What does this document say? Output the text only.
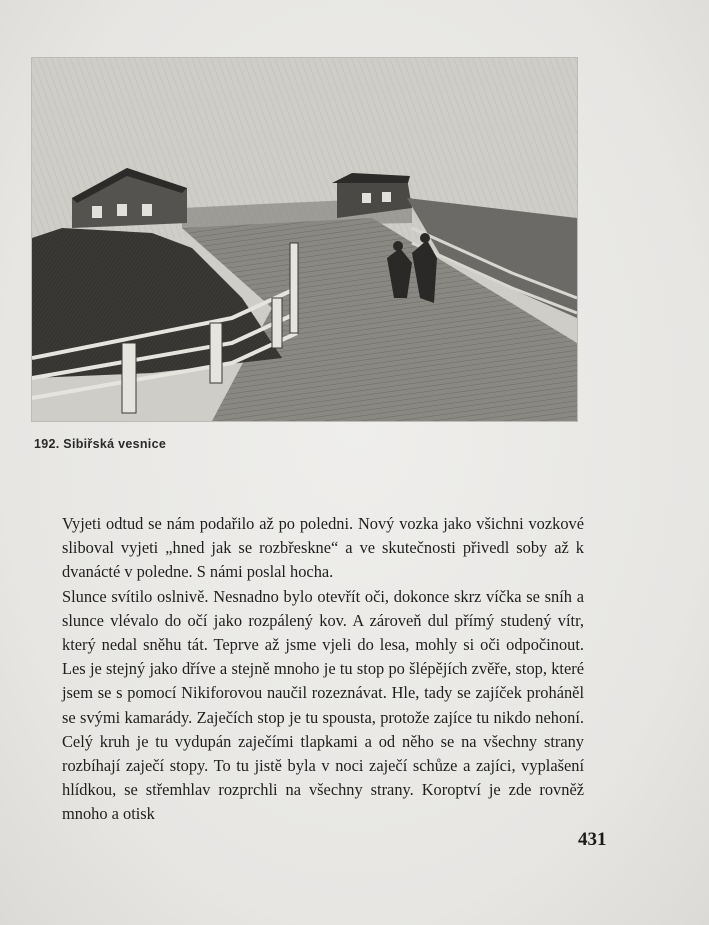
192. Sibiřská vesnice

Vyjeti odtud se nám podařilo až po poledni. Nový vozka jako všichni vozkové sliboval vyjeti „hned jak se rozbřeskne“ a ve skutečnosti přivedl soby až k dvanácté v poledne. S námi poslal hocha.

Slunce svítilo oslnivě. Nesnadno bylo otevřít oči, dokonce skrz víčka se sníh a slunce vlévalo do očí jako rozpálený kov. A zároveň dul přímý studený vítr, který nedal sněhu tát. Teprve až jsme vjeli do lesa, mohly si oči odpočinout. Les je stejný jako dříve a stejně mnoho je tu stop po šlépějích zvěře, stop, které jsem se s pomocí Nikiforovou naučil rozeznávat. Hle, tady se zajíček proháněl se svými kamarády. Zaječích stop je tu spousta, protože zajíce tu nikdo nehoní. Celý kruh je tu vydupán zaječími tlapkami a od něho se na všechny strany rozbíhají zaječí stopy. To tu jistě byla v noci zaječí schůze a zajíci, vyplašení hlídkou, se střemhlav rozprchli na všechny strany. Koroptví je zde rovněž mnoho a otisk

431
